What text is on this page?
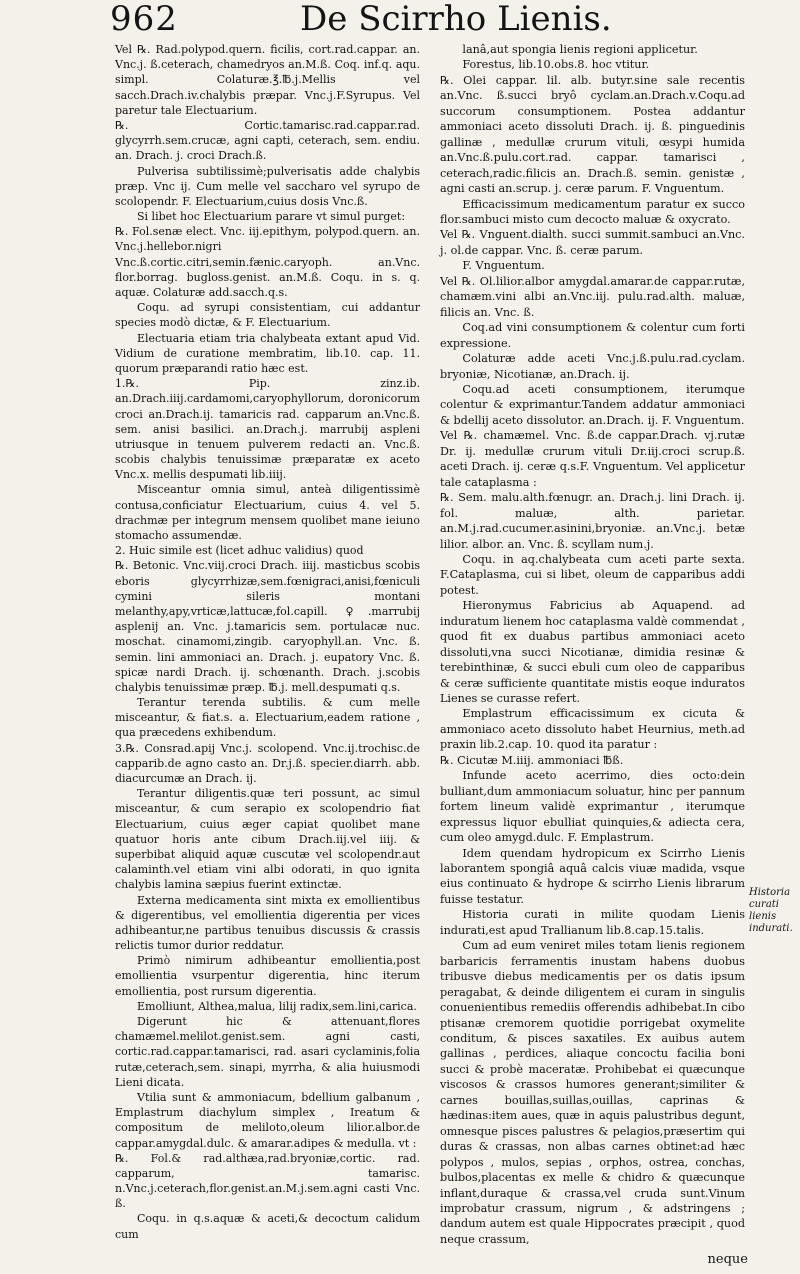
962	De Scirrho Lienis.

Vel ℞. Rad.polypod.quern. ficilis, cort.rad.cappar. an. Vnc.j. ß.ceterach, chamedryos an.M.ß. Coq. inf.q. aqu. simpl. Colaturæ.℥.℔.j.Mellis vel sacch.Drach.iv.chalybis præpar. Vnc.j.F.Syrupus. Vel paretur tale Electuarium.

℞. Cortic.tamarisc.rad.cappar.rad. glycyrrh.sem.crucæ, agni capti, ceterach, sem. endiu. an. Drach. j. croci Drach.ß.

Pulverisa subtilissimè;pulverisatis adde chalybis præp. Vnc ij. Cum melle vel saccharo vel syrupo de scolopendr. F. Electuarium,cuius dosis Vnc.ß.

Si libet hoc Electuarium parare vt simul purget:

℞. Fol.senæ elect. Vnc. iij.epithym, polypod.quern. an. Vnc.j.hellebor.nigri Vnc.ß.cortic.citri,semin.fænic.caryoph. an.Vnc. flor.borrag. bugloss.genist. an.M.ß. Coqu. in s. q. aquæ. Colaturæ add.sacch.q.s.

Coqu. ad syrupi consistentiam, cui addantur species modò dictæ, & F. Electuarium.

Electuaria etiam tria chalybeata extant apud Vid. Vidium de curatione membratim, lib.10. cap. 11. quorum præparandi ratio hæc est.

1.℞. Pip. zinz.ib. an.Drach.iiij.cardamomi,caryophyllorum, doronicorum croci an.Drach.ij. tamaricis rad. capparum an.Vnc.ß. sem. anisi basilici. an.Drach.j. marrubij aspleni utriusque in tenuem pulverem redacti an. Vnc.ß. scobis chalybis tenuissimæ præparatæ ex aceto Vnc.x. mellis despumati lib.iiij.

Misceantur omnia simul, anteà diligentissimè contusa,conficiatur Electuarium, cuius 4. vel 5. drachmæ per integrum mensem quolibet mane ieiuno stomacho assumendæ.

2. Huic simile est (licet adhuc validius) quod

℞. Betonic. Vnc.viij.croci Drach. iiij. masticbus scobis eboris glycyrrhizæ,sem.fœnigraci,anisi,fœniculi cymini sileris montani melanthy,apy,vrticæ,lattucæ,fol.capill. ♀.marrubij asplenij an. Vnc. j.tamaricis sem. portulacæ nuc. moschat. cinamomi,zingib. caryophyll.an. Vnc. ß. semin. lini ammoniaci an. Drach. j. eupatory Vnc. ß. spicæ nardi Drach. ij. schœnanth. Drach. j.scobis chalybis tenuissimæ præp. ℔.j. mell.despumati q.s.

Terantur terenda subtilis. & cum melle misceantur, & fiat.s. a. Electuarium,eadem ratione , qua præcedens exhibendum.

3.℞. Consrad.apij Vnc.j. scolopend. Vnc.ij.trochisc.de capparib.de agno casto an. Dr.j.ß. specier.diarrh. abb. diacurcumæ an Drach. ij.

Terantur diligentis.quæ teri possunt, ac simul misceantur, & cum serapio ex scolopendrio fiat Electuarium, cuius æger capiat quolibet mane quatuor horis ante cibum Drach.iij.vel iiij. & superbibat aliquid aquæ cuscutæ vel scolopendr.aut calaminth.vel etiam vini albi odorati, in quo ignita chalybis lamina sæpius fuerint extinctæ.

Externa medicamenta sint mixta ex emollientibus & digerentibus, vel emollientia digerentia per vices adhibeantur,ne partibus tenuibus discussis & crassis relictis tumor durior reddatur.

Primò nimirum adhibeantur emollientia,post emollientia vsurpentur digerentia, hinc iterum emollientia, post rursum digerentia.

Emolliunt, Althea,malua, lilij radix,sem.lini,carica.

Digerunt hic & attenuant,flores chamæmel.melilot.genist.sem. agni casti, cortic.rad.cappar.tamarisci, rad. asari cyclaminis,folia rutæ,ceterach,sem. sinapi, myrrha, & alia huiusmodi Lieni dicata.

Vtilia sunt & ammoniacum, bdellium galbanum , Emplastrum diachylum simplex , Ireatum & compositum de meliloto,oleum lilior.albor.de cappar.amygdal.dulc. & amarar.adipes & medulla. vt :

℞. Fol.& rad.althæa,rad.bryoniæ,cortic. rad. capparum, tamarisc. n.Vnc.j.ceterach,flor.genist.an.M.j.sem.agni casti Vnc. ß.

Coqu. in q.s.aquæ & aceti,& decoctum calidum cum

lanâ,aut spongia lienis regioni applicetur.

Forestus, lib.10.obs.8. hoc vtitur.

℞. Olei cappar. lil. alb. butyr.sine sale recentis an.Vnc. ß.succi bryô cyclam.an.Drach.v.Coqu.ad succorum consumptionem. Postea addantur ammoniaci aceto dissoluti Drach. ij. ß. pinguedinis gallinæ , medullæ crurum vituli, œsypi humida an.Vnc.ß.pulu.cort.rad. cappar. tamarisci , ceterach,radic.filicis an. Drach.ß. semin. genistæ , agni casti an.scrup. j. ceræ parum. F. Vnguentum.

Efficacissimum medicamentum paratur ex succo flor.sambuci misto cum decocto maluæ & oxycrato.

Vel ℞. Vnguent.dialth. succi summit.sambuci an.Vnc. j. ol.de cappar. Vnc. ß. ceræ parum.

F. Vnguentum.

Vel ℞. Ol.lilior.albor amygdal.amarar.de cappar.rutæ, chamæm.vini albi an.Vnc.iij. pulu.rad.alth. maluæ, filicis an. Vnc. ß.

Coq.ad vini consumptionem & colentur cum forti expressione.

Colaturæ adde aceti Vnc.j.ß.pulu.rad.cyclam. bryoniæ, Nicotianæ, an.Drach. ij.

Coqu.ad aceti consumptionem, iterumque colentur & exprimantur.Tandem addatur ammoniaci & bdellij aceto dissolutor. an.Drach. ij. F. Vnguentum.

Vel ℞. chamæmel. Vnc. ß.de cappar.Drach. vj.rutæ Dr. ij. medullæ crurum vituli Dr.iij.croci scrup.ß. aceti Drach. ij. ceræ q.s.F. Vnguentum. Vel applicetur tale cataplasma :

℞. Sem. malu.alth.fœnugr. an. Drach.j. lini Drach. ij. fol. maluæ, alth. parietar. an.M.j.rad.cucumer.asinini,bryoniæ. an.Vnc.j. betæ lilior. albor. an. Vnc. ß. scyllam num.j.

Coqu. in aq.chalybeata cum aceti parte sexta. F.Cataplasma, cui si libet, oleum de capparibus addi potest.

Hieronymus Fabricius ab Aquapend. ad induratum lienem hoc cataplasma valdè commendat , quod fit ex duabus partibus ammoniaci aceto dissoluti,vna succi Nicotianæ, dimidia resinæ & terebinthinæ, & succi ebuli cum oleo de capparibus & ceræ sufficiente quantitate mistis eoque induratos Lienes se curasse refert.

Emplastrum efficacissimum ex cicuta & ammoniaco aceto dissoluto habet Heurnius, meth.ad praxin lib.2.cap. 10. quod ita paratur :

℞. Cicutæ M.iiij. ammoniaci ℔ß.

Infunde aceto acerrimo, dies octo:dein bulliant,dum ammoniacum soluatur, hinc per pannum fortem lineum validè exprimantur , iterumque expressus liquor ebulliat quinquies,& adiecta cera, cum oleo amygd.dulc. F. Emplastrum.

Idem quendam hydropicum ex Scirrho Lienis laborantem spongiâ aquâ calcis viuæ madida, vsque eius continuato & hydrope & scirrho Lienis librarum fuisse testatur.

Historia curati in milite quodam Lienis indurati,est apud Trallianum lib.8.cap.15.talis.

Cum ad eum veniret miles totam lienis regionem barbaricis ferramentis inustam habens duobus tribusve diebus medicamentis per os datis ipsum peragabat, & deinde diligentem ei curam in singulis conuenientibus remediis offerendis adhibebat.In cibo ptisanæ cremorem quotidie porrigebat oxymelite conditum, & pisces saxatiles. Ex auibus autem gallinas , perdices, aliaque concoctu facilia boni succi & probè maceratæ. Prohibebat ei quæcunque viscosos & crassos humores generant;similiter & carnes bouillas,suillas,ouillas, caprinas & hædinas:item aues, quæ in aquis palustribus degunt, omnesque pisces palustres & pelagios,præsertim qui duras & crassas, non albas carnes obtinet:ad hæc polypos , mulos, sepias , orphos, ostrea, conchas, bulbos,placentas ex melle & chidro & quæcunque inflant,duraque & crassa,vel cruda sunt.Vinum improbatur crassum, nigrum , & adstringens ; dandum autem est quale Hippocrates præcipit , quod neque crassum,

Historia curati lienis indurati.
neque
